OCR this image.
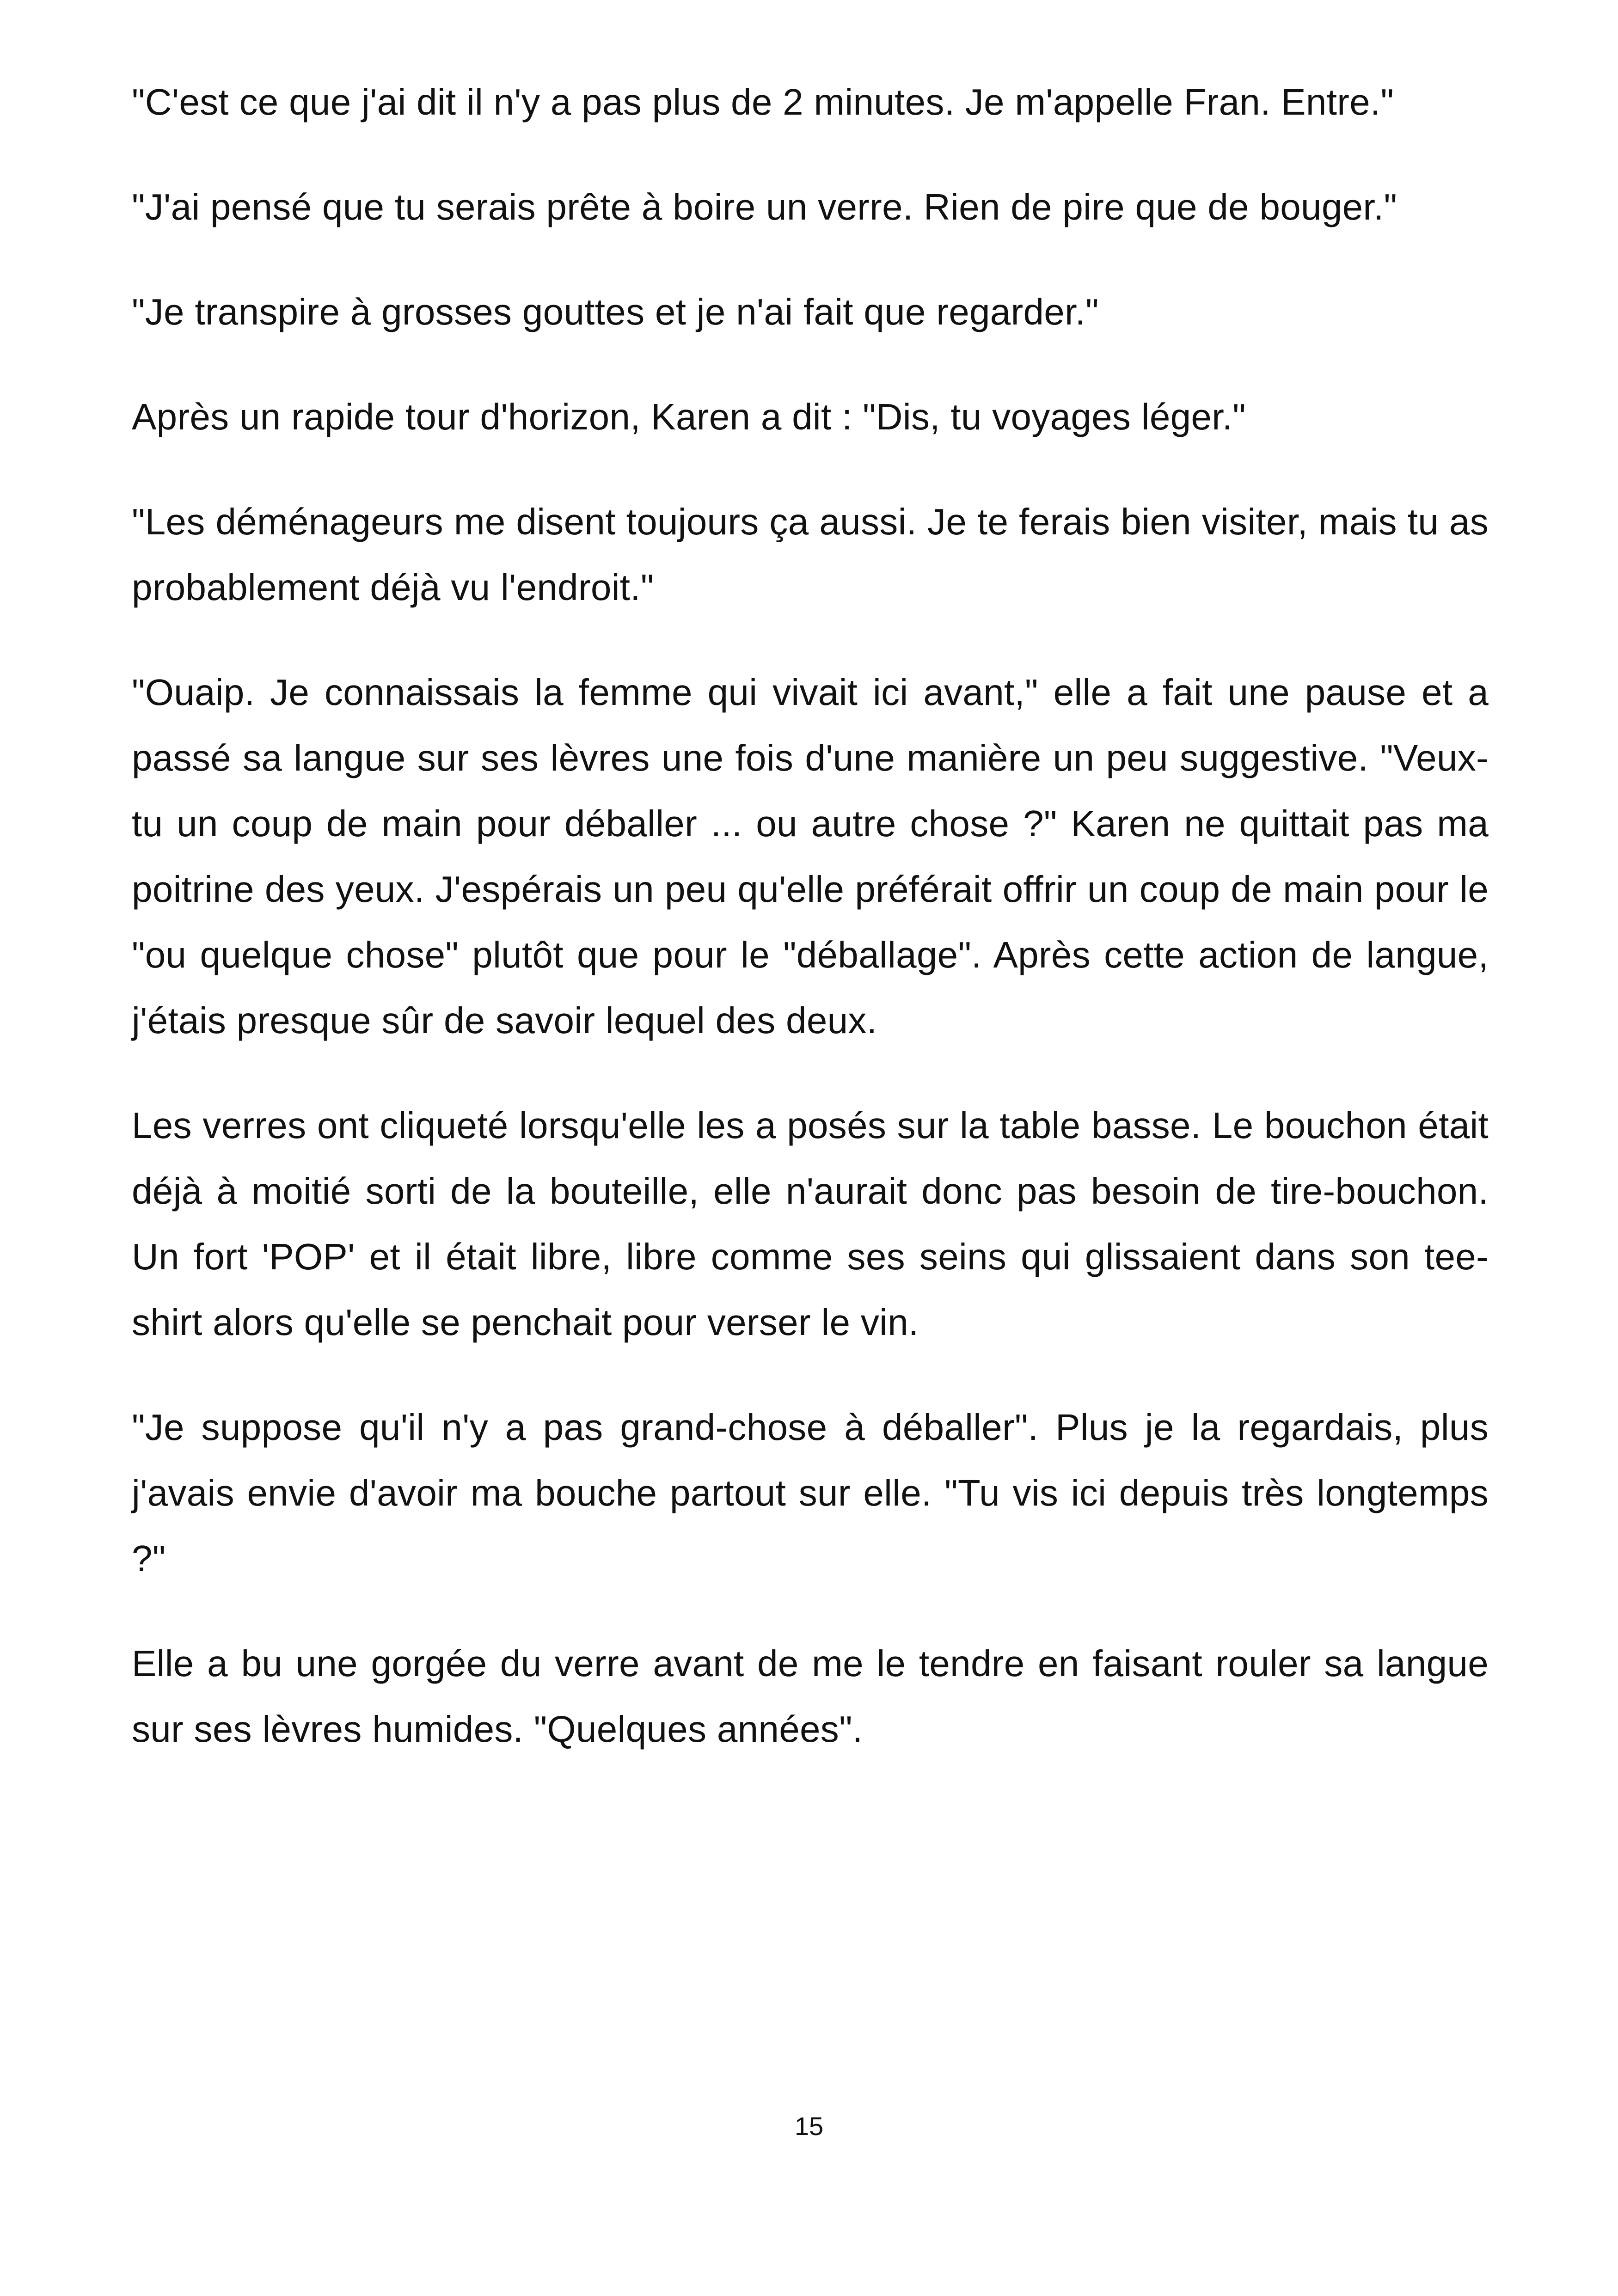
"C'est ce que j'ai dit il n'y a pas plus de 2 minutes. Je m'appelle Fran. Entre."

"J'ai pensé que tu serais prête à boire un verre. Rien de pire que de bouger."

"Je transpire à grosses gouttes et je n'ai fait que regarder."

Après un rapide tour d'horizon, Karen a dit : "Dis, tu voyages léger."

"Les déménageurs me disent toujours ça aussi. Je te ferais bien visiter, mais tu as probablement déjà vu l'endroit."

"Ouaip. Je connaissais la femme qui vivait ici avant," elle a fait une pause et a passé sa langue sur ses lèvres une fois d'une manière un peu suggestive. "Veux-tu un coup de main pour déballer ... ou autre chose ?" Karen ne quittait pas ma poitrine des yeux. J'espérais un peu qu'elle préférait offrir un coup de main pour le "ou quelque chose" plutôt que pour le "déballage". Après cette action de langue, j'étais presque sûr de savoir lequel des deux.

Les verres ont cliqueté lorsqu'elle les a posés sur la table basse. Le bouchon était déjà à moitié sorti de la bouteille, elle n'aurait donc pas besoin de tire-bouchon. Un fort 'POP' et il était libre, libre comme ses seins qui glissaient dans son tee-shirt alors qu'elle se penchait pour verser le vin.

"Je suppose qu'il n'y a pas grand-chose à déballer". Plus je la regardais, plus j'avais envie d'avoir ma bouche partout sur elle. "Tu vis ici depuis très longtemps ?"

Elle a bu une gorgée du verre avant de me le tendre en faisant rouler sa langue sur ses lèvres humides. "Quelques années".

15
